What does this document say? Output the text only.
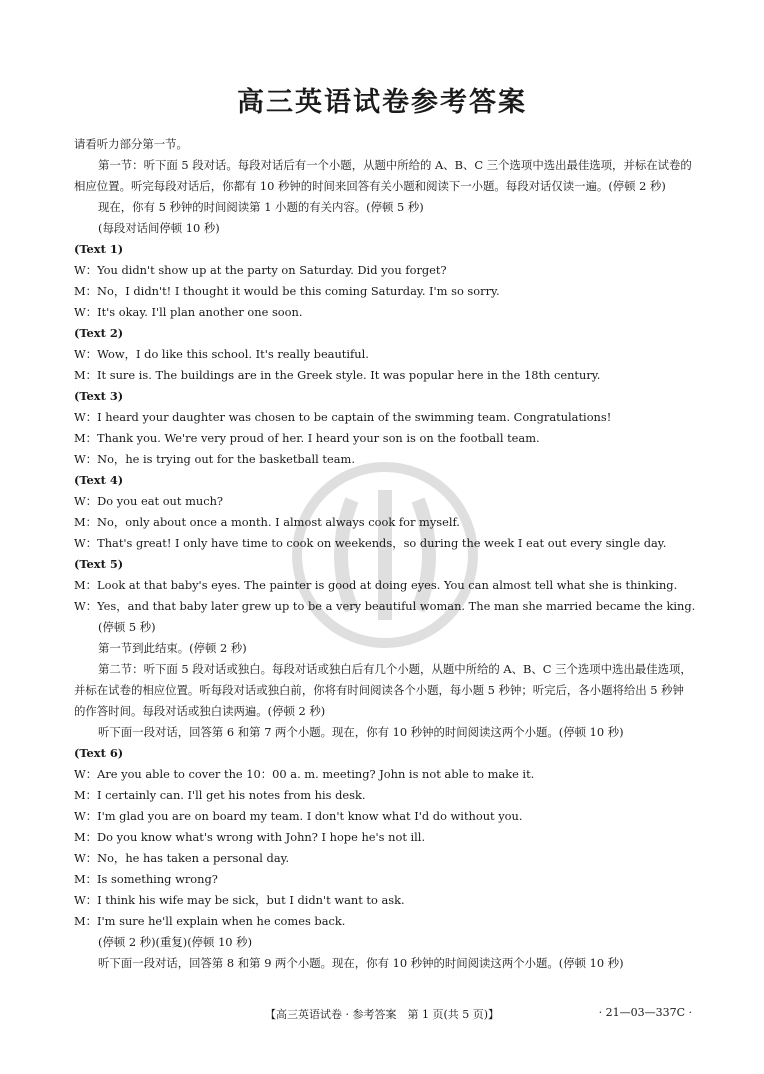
高三英语试卷参考答案
请看听力部分第一节。
第一节：听下面 5 段对话。每段对话后有一个小题，从题中所给的 A、B、C 三个选项中选出最佳选项，并标在试卷的相应位置。听完每段对话后，你都有 10 秒钟的时间来回答有关小题和阅读下一小题。每段对话仅读一遍。(停顿 2 秒)
现在，你有 5 秒钟的时间阅读第 1 小题的有关内容。(停顿 5 秒)
(每段对话间停顿 10 秒)
(Text 1)
W：You didn't show up at the party on Saturday. Did you forget?
M：No，I didn't! I thought it would be this coming Saturday. I'm so sorry.
W：It's okay. I'll plan another one soon.
(Text 2)
W：Wow，I do like this school. It's really beautiful.
M：It sure is. The buildings are in the Greek style. It was popular here in the 18th century.
(Text 3)
W：I heard your daughter was chosen to be captain of the swimming team. Congratulations!
M：Thank you. We're very proud of her. I heard your son is on the football team.
W：No，he is trying out for the basketball team.
(Text 4)
W：Do you eat out much?
M：No，only about once a month. I almost always cook for myself.
W：That's great! I only have time to cook on weekends，so during the week I eat out every single day.
(Text 5)
M：Look at that baby's eyes. The painter is good at doing eyes. You can almost tell what she is thinking.
W：Yes，and that baby later grew up to be a very beautiful woman. The man she married became the king.
(停顿 5 秒)
第一节到此结束。(停顿 2 秒)
第二节：听下面 5 段对话或独白。每段对话或独白后有几个小题，从题中所给的 A、B、C 三个选项中选出最佳选项，并标在试卷的相应位置。听每段对话或独白前，你将有时间阅读各个小题，每小题 5 秒钟；听完后，各小题将给出 5 秒钟的作答时间。每段对话或独白读两遍。(停顿 2 秒)
听下面一段对话，回答第 6 和第 7 两个小题。现在，你有 10 秒钟的时间阅读这两个小题。(停顿 10 秒)
(Text 6)
W：Are you able to cover the 10：00 a. m. meeting? John is not able to make it.
M：I certainly can. I'll get his notes from his desk.
W：I'm glad you are on board my team. I don't know what I'd do without you.
M：Do you know what's wrong with John? I hope he's not ill.
W：No，he has taken a personal day.
M：Is something wrong?
W：I think his wife may be sick，but I didn't want to ask.
M：I'm sure he'll explain when he comes back.
(停顿 2 秒)(重复)(停顿 10 秒)
听下面一段对话，回答第 8 和第 9 两个小题。现在，你有 10 秒钟的时间阅读这两个小题。(停顿 10 秒)
【高三英语试卷 · 参考答案　第 1 页(共 5 页)】	· 21—03—337C ·
